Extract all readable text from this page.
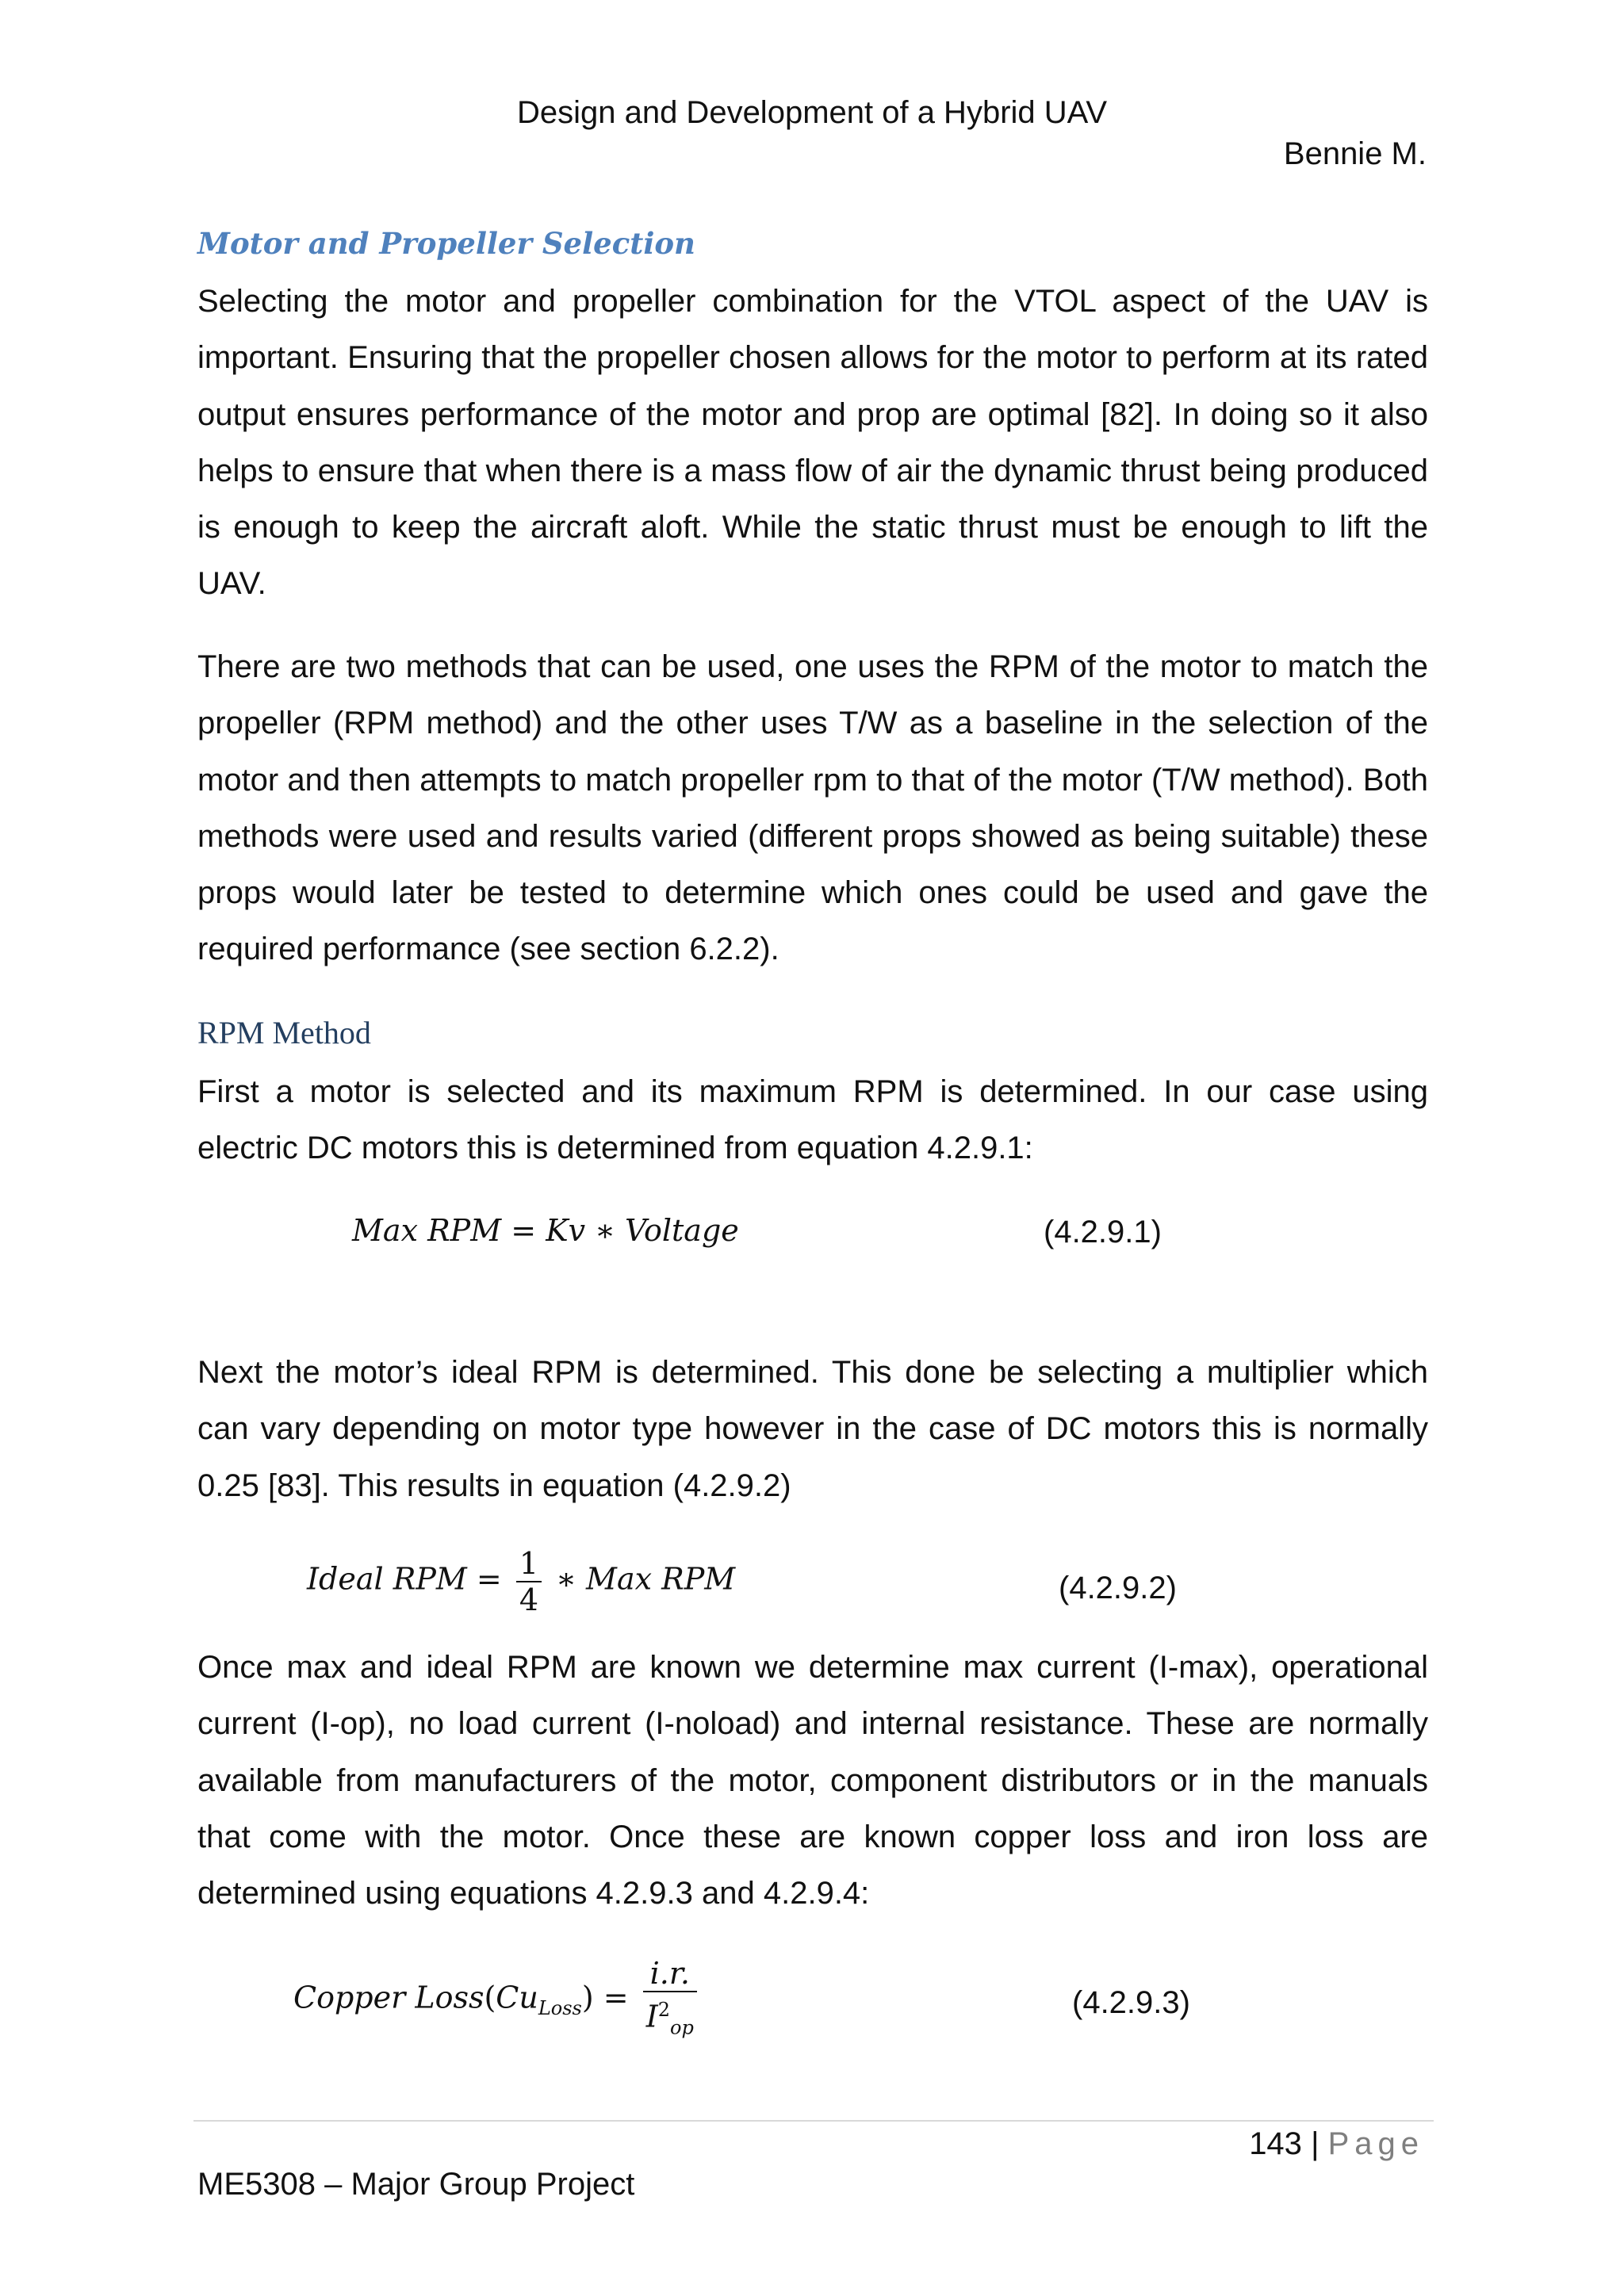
Design and Development of a Hybrid UAV
Bennie M.
Motor and Propeller Selection

Selecting the motor and propeller combination for the VTOL aspect of the UAV is important. Ensuring that the propeller chosen allows for the motor to perform at its rated output ensures performance of the motor and prop are optimal [82]. In doing so it also helps to ensure that when there is a mass flow of air the dynamic thrust being produced is enough to keep the aircraft aloft. While the static thrust must be enough to lift the UAV.

There are two methods that can be used, one uses the RPM of the motor to match the propeller (RPM method) and the other uses T/W as a baseline in the selection of the motor and then attempts to match propeller rpm to that of the motor (T/W method). Both methods were used and results varied (different props showed as being suitable) these props would later be tested to determine which ones could be used and gave the required performance (see section 6.2.2).

RPM Method

First a motor is selected and its maximum RPM is determined. In our case using electric DC motors this is determined from equation 4.2.9.1:

Max RPM = Kv ∗ Voltage	(4.2.9.1)

Next the motor’s ideal RPM is determined. This done be selecting a multiplier which can vary depending on motor type however in the case of DC motors this is normally 0.25 [83]. This results in equation (4.2.9.2)

Ideal RPM = $\frac{1}{4}$ ∗ Max RPM	(4.2.9.2)

Once max and ideal RPM are known we determine max current (I-max), operational current (I-op), no load current (I-noload) and internal resistance. These are normally available from manufacturers of the motor, component distributors or in the manuals that come with the motor. Once these are known copper loss and iron loss are determined using equations 4.2.9.3 and 4.2.9.4:

Copper $Loss(Cu_{Loss}) = \frac{i.r.}{I^2_{op}}$	(4.2.9.3)
143 | Page
ME5308 – Major Group Project
